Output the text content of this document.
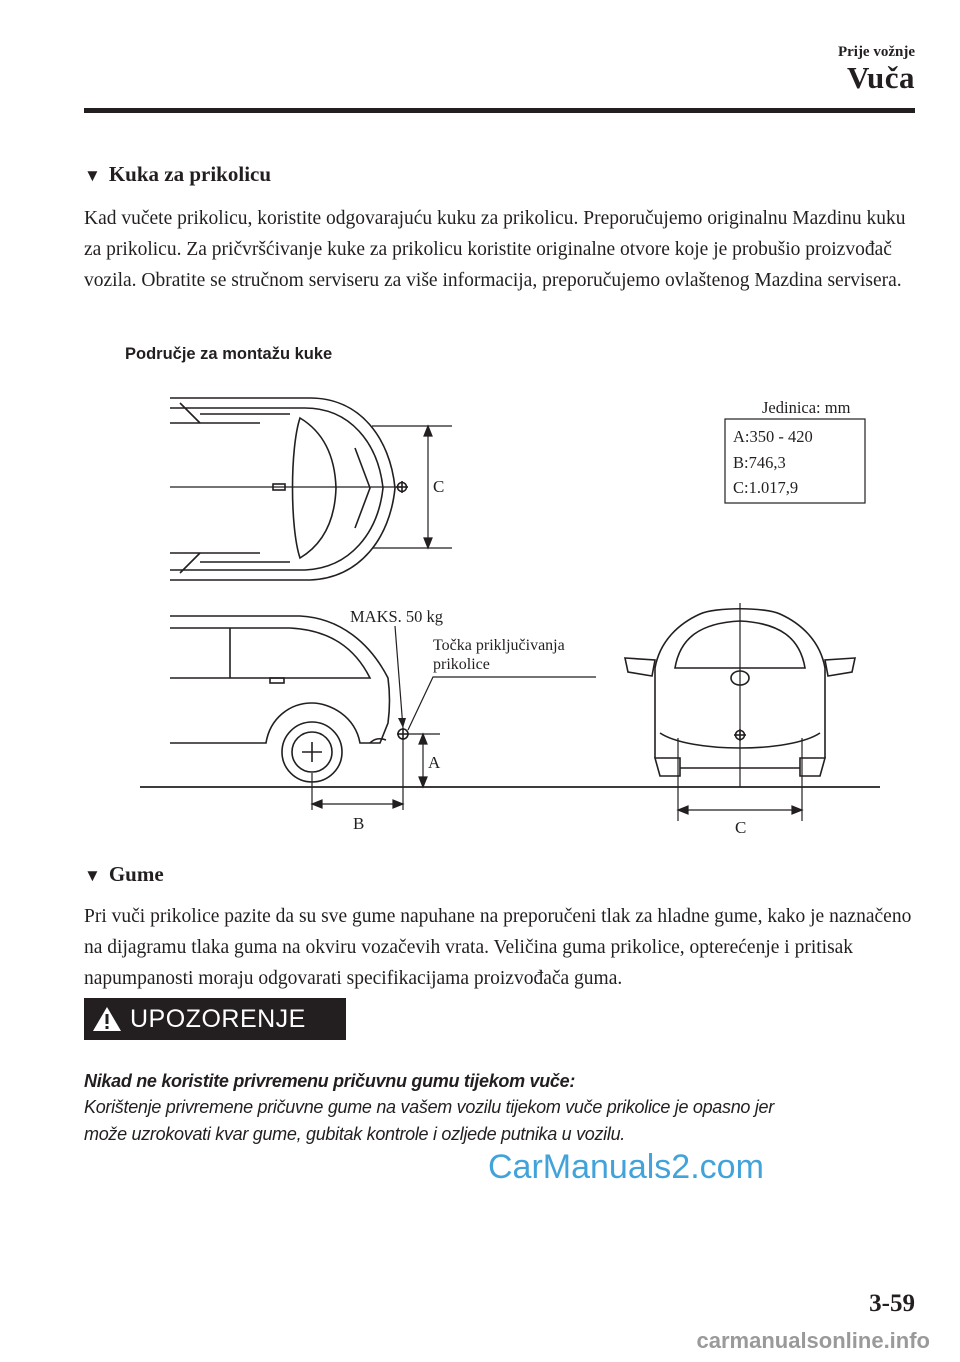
Prije vožnje
Vuča
▼ Kuka za prikolicu
Kad vučete prikolicu, koristite odgovarajuću kuku za prikolicu. Preporučujemo originalnu Mazdinu kuku za prikolicu. Za pričvršćivanje kuke za prikolicu koristite originalne otvore koje je probušio proizvođač vozila. Obratite se stručnom serviseru za više informacija, preporučujemo ovlaštenog Mazdina servisera.
Područje za montažu kuke
C
Jedinica: mm
A:350 - 420
B:746,3
C:1.017,9
MAKS. 50 kg
Točka priključivanja
prikolice
A
B	C
▼ Gume
Pri vuči prikolice pazite da su sve gume napuhane na preporučeni tlak za hladne gume, kako je naznačeno na dijagramu tlaka guma na okviru vozačevih vrata. Veličina guma prikolice, opterećenje i pritisak napumpanosti moraju odgovarati specifikacijama proizvođača guma.
UPOZORENJE
Nikad ne koristite privremenu pričuvnu gumu tijekom vuče:
Korištenje privremene pričuvne gume na vašem vozilu tijekom vuče prikolice je opasno jer
može uzrokovati kvar gume, gubitak kontrole i ozljede putnika u vozilu.
CarManuals2.com
3-59
carmanualsonline.info
